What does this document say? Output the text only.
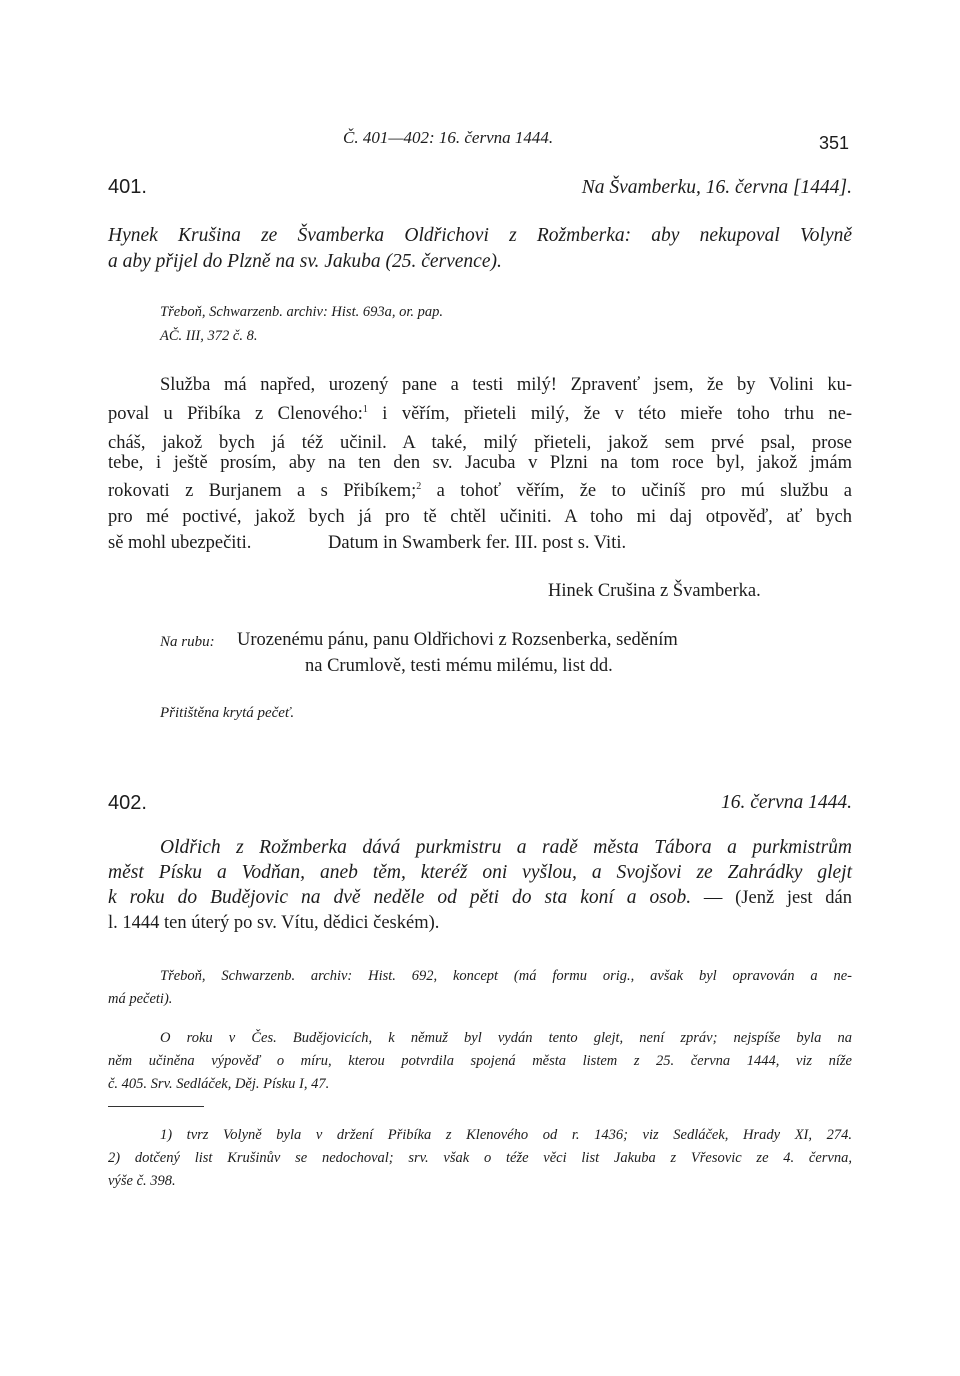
Č. 401—402: 16. června 1444.	351
401.	Na Švamberku, 16. června [1444].
Hynek Krušina ze Švamberka Oldřichovi z Rožmberka: aby nekupoval Volyně
a aby přijel do Plzně na sv. Jakuba (25. července).
Třeboň, Schwarzenb. archiv: Hist. 693a, or. pap.
AČ. III, 372 č. 8.
Služba má napřed, urozený pane a testi milý! Zpravenť jsem, že by Volini ku-
poval u Přibíka z Clenového:$^1$ i věřím, přieteli milý, že v této mieře toho trhu ne-
cháš, jakož bych já též učinil. A také, milý přieteli, jakož sem prvé psal, prose
tebe, i ještě prosím, aby na ten den sv. Jacuba v Plzni na tom roce byl, jakož jmám
rokovati z Burjanem a s Přibíkem;$^2$ a tohoť věřím, že to učiníš pro mú službu a
pro mé poctivé, jakož bych já pro tě chtěl učiniti. A toho mi daj otpověď, ať bych
sě mohl ubezpečiti.	Datum in Swamberk fer. III. post s. Viti.
Hinek Crušina z Švamberka.
Na rubu: Urozenému pánu, panu Oldřichovi z Rozsenberka, seděním
na Crumlově, testi mému milému, list dd.
Přitištěna krytá pečeť.
402.	16. června 1444.
Oldřich z Rožmberka dává purkmistru a radě města Tábora a purkmistrům
měst Písku a Vodňan, aneb těm, kteréž oni vyšlou, a Svojšovi ze Zahrádky glejt
k roku do Budějovic na dvě neděle od pěti do sta koní a osob. — (Jenž jest dán
l. 1444 ten úterý po sv. Vítu, dědici českém).
Třeboň, Schwarzenb. archiv: Hist. 692, koncept (má formu orig., avšak byl opravován a ne-
má pečeti).
O roku v Čes. Budějovicích, k němuž byl vydán tento glejt, není zpráv; nejspíše byla na
něm učiněna výpověď o míru, kterou potvrdila spojená města listem z 25. června 1444, viz níže
č. 405. Srv. Sedláček, Děj. Písku I, 47.
1) tvrz Volyně byla v držení Přibíka z Klenového od r. 1436; viz Sedláček, Hrady XI, 274.
2) dotčený list Krušinův se nedochoval; srv. však o téže věci list Jakuba z Vřesovic ze 4. června,
výše č. 398.
